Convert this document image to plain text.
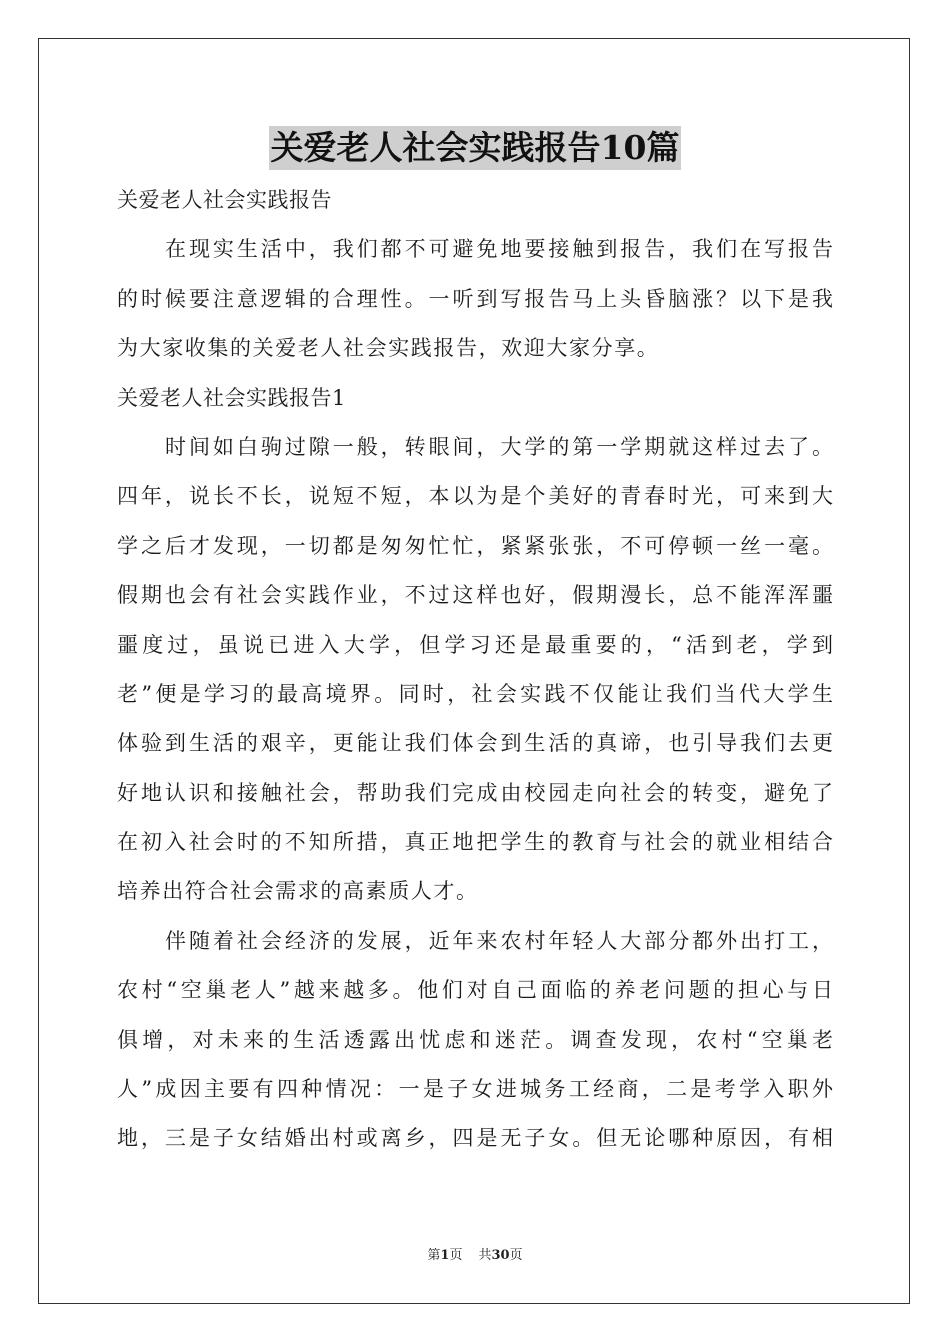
关爱老人社会实践报告10篇
关爱老人社会实践报告
在现实生活中，我们都不可避免地要接触到报告，我们在写报告
的时候要注意逻辑的合理性。一听到写报告马上头昏脑涨？以下是我
为大家收集的关爱老人社会实践报告，欢迎大家分享。
关爱老人社会实践报告1
时间如白驹过隙一般，转眼间，大学的第一学期就这样过去了。
四年，说长不长，说短不短，本以为是个美好的青春时光，可来到大
学之后才发现，一切都是匆匆忙忙，紧紧张张，不可停顿一丝一毫。
假期也会有社会实践作业，不过这样也好，假期漫长，总不能浑浑噩
噩度过，虽说已进入大学，但学习还是最重要的，“活到老，学到
老”便是学习的最高境界。同时，社会实践不仅能让我们当代大学生
体验到生活的艰辛，更能让我们体会到生活的真谛，也引导我们去更
好地认识和接触社会，帮助我们完成由校园走向社会的转变，避免了
在初入社会时的不知所措，真正地把学生的教育与社会的就业相结合
培养出符合社会需求的高素质人才。
伴随着社会经济的发展，近年来农村年轻人大部分都外出打工，
农村“空巢老人”越来越多。他们对自己面临的养老问题的担心与日
俱增，对未来的生活透露出忧虑和迷茫。调查发现，农村“空巢老
人”成因主要有四种情况：一是子女进城务工经商，二是考学入职外
地，三是子女结婚出村或离乡，四是无子女。但无论哪种原因，有相
第1页 共30页
